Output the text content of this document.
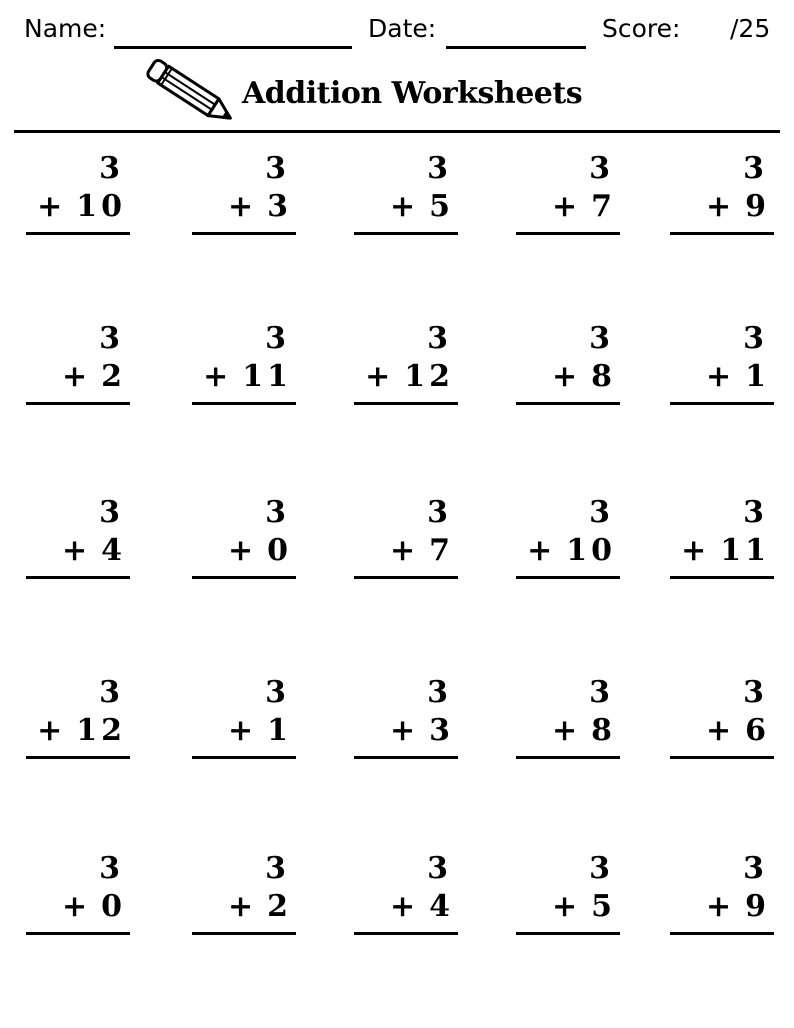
Name:	Date:	Score: /25
Addition Worksheets
3
+ 10
3
+ 3
3
+ 5
3
+ 7
3
+ 9
3
+ 2
3
+ 11
3
+ 12
3
+ 8
3
+ 1
3
+ 4
3
+ 0
3
+ 7
3
+ 10
3
+ 11
3
+ 12
3
+ 1
3
+ 3
3
+ 8
3
+ 6
3
+ 0
3
+ 2
3
+ 4
3
+ 5
3
+ 9
